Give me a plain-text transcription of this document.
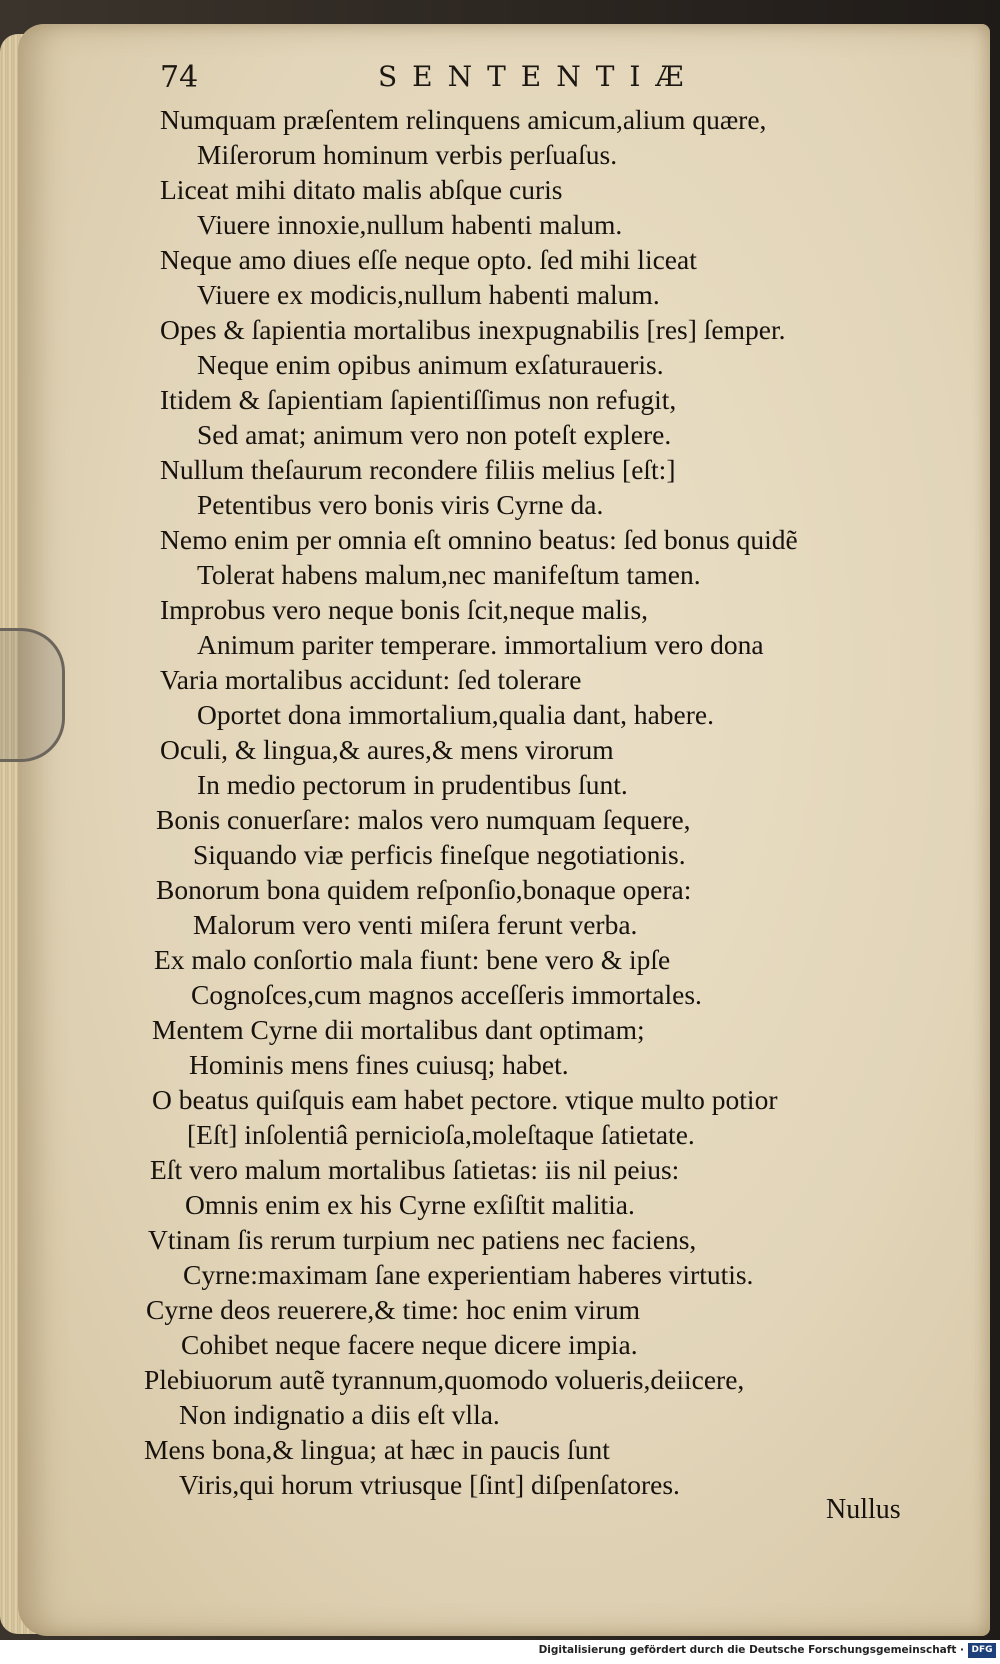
74	SENTENTIÆ
Numquam præſentem relinquens amicum,alium quære,
Miſerorum hominum verbis perſuaſus.
Liceat mihi ditato malis abſque curis
Viuere innoxie,nullum habenti malum.
Neque amo diues eſſe neque opto. ſed mihi liceat
Viuere ex modicis,nullum habenti malum.
Opes & ſapientia mortalibus inexpugnabilis [res] ſemper.
Neque enim opibus animum exſaturaueris.
Itidem & ſapientiam ſapientiſſimus non refugit,
Sed amat; animum vero non poteſt explere.
Nullum theſaurum recondere filiis melius [eſt:]
Petentibus vero bonis viris Cyrne da.
Nemo enim per omnia eſt omnino beatus: ſed bonus quidẽ
Tolerat habens malum,nec manifeſtum tamen.
Improbus vero neque bonis ſcit,neque malis,
Animum pariter temperare. immortalium vero dona
Varia mortalibus accidunt: ſed tolerare
Oportet dona immortalium,qualia dant, habere.
Oculi, & lingua,& aures,& mens virorum
In medio pectorum in prudentibus ſunt.
Bonis conuerſare: malos vero numquam ſequere,
Siquando viæ perficis fineſque negotiationis.
Bonorum bona quidem reſponſio,bonaque opera:
Malorum vero venti miſera ferunt verba.
Ex malo conſortio mala fiunt: bene vero & ipſe
Cognoſces,cum magnos acceſſeris immortales.
Mentem Cyrne dii mortalibus dant optimam;
Hominis mens fines cuiusq; habet.
O beatus quiſquis eam habet pectore. vtique multo potior
[Eſt] inſolentiâ pernicioſa,moleſtaque ſatietate.
Eſt vero malum mortalibus ſatietas: iis nil peius:
Omnis enim ex his Cyrne exſiſtit malitia.
Vtinam ſis rerum turpium nec patiens nec faciens,
Cyrne:maximam ſane experientiam haberes virtutis.
Cyrne deos reuerere,& time: hoc enim virum
Cohibet neque facere neque dicere impia.
Plebiuorum autẽ tyrannum,quomodo volueris,deiicere,
Non indignatio a diis eſt vlla.
Mens bona,& lingua; at hæc in paucis ſunt
Viris,qui horum vtriusque [ſint] diſpenſatores.
Nullus
Digitalisierung gefördert durch die Deutsche Forschungsgemeinschaft · DFG
